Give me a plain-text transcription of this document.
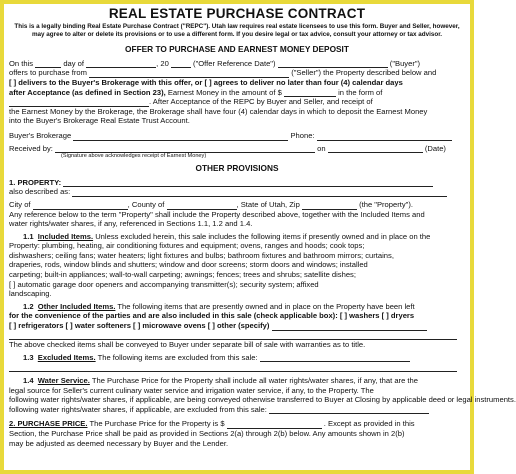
REAL ESTATE PURCHASE CONTRACT
This is a legally binding Real Estate Purchase Contract ("REPC"). Utah law requires real estate licensees to use this form. Buyer and Seller, however, may agree to alter or delete its provisions or to use a different form. If you desire legal or tax advice, consult your attorney or tax advisor.
OFFER TO PURCHASE AND EARNEST MONEY DEPOSIT

On this	day of	, 20	("Offer Reference Date")	("Buyer")

offers to purchase from	("Seller") the Property described below and

[ ] delivers to the Buyer's Brokerage with this offer, or [ ] agrees to deliver no later than four (4) calendar days

after Acceptance (as defined in Section 23), Earnest Money in the amount of $	in the form of

. After Acceptance of the REPC by Buyer and Seller, and receipt of

the Earnest Money by the Brokerage, the Brokerage shall have four (4) calendar days in which to deposit the Earnest Money

into the Buyer's Brokerage Real Estate Trust Account.

Buyer's Brokerage	Phone:

Received by:	on	(Date)

(Signature above acknowledges receipt of Earnest Money)

OTHER PROVISIONS

1. PROPERTY:

also described as:

City of	, County of	, State of Utah, Zip	(the "Property").

Any reference below to the term "Property" shall include the Property described above, together with the Included Items and

water rights/water shares, if any, referenced in Sections 1.1, 1.2 and 1.4.

1.1 Included Items. Unless excluded herein, this sale includes the following items if presently owned and in place on the

Property: plumbing, heating, air conditioning fixtures and equipment; ovens, ranges and hoods; cook tops;

dishwashers; ceiling fans; water heaters; light fixtures and bulbs; bathroom fixtures and bathroom mirrors; curtains,

draperies, rods, window blinds and shutters; window and door screens; storm doors and windows; installed

carpeting; built-in appliances; wall-to-wall carpeting; awnings; fences; trees and shrubs; satellite dishes;

[ ] automatic garage door openers and accompanying transmitter(s); security system; affixed

landscaping.

1.2 Other Included Items. The following items that are presently owned and in place on the Property have been left

for the convenience of the parties and are also included in this sale (check applicable box): [ ] washers [ ] dryers

[ ] refrigerators [ ] water softeners [ ] microwave ovens [ ] other (specify)

The above checked items shall be conveyed to Buyer under separate bill of sale with warranties as to title.

1.3 Excluded Items. The following items are excluded from this sale:

1.4 Water Service. The Purchase Price for the Property shall include all water rights/water shares, if any, that are the

legal source for Seller's current culinary water service and irrigation water service, if any, to the Property. The

following water rights/water shares, if applicable, are being conveyed otherwise transferred to Buyer at Closing by applicable deed or legal instruments.

following water rights/water shares, if applicable, are excluded from this sale:

2. PURCHASE PRICE. The Purchase Price for the Property is $	. Except as provided in this

Section, the Purchase Price shall be paid as provided in Sections 2(a) through 2(b) below. Any amounts shown in 2(b)

may be adjusted as deemed necessary by Buyer and the Lender.
